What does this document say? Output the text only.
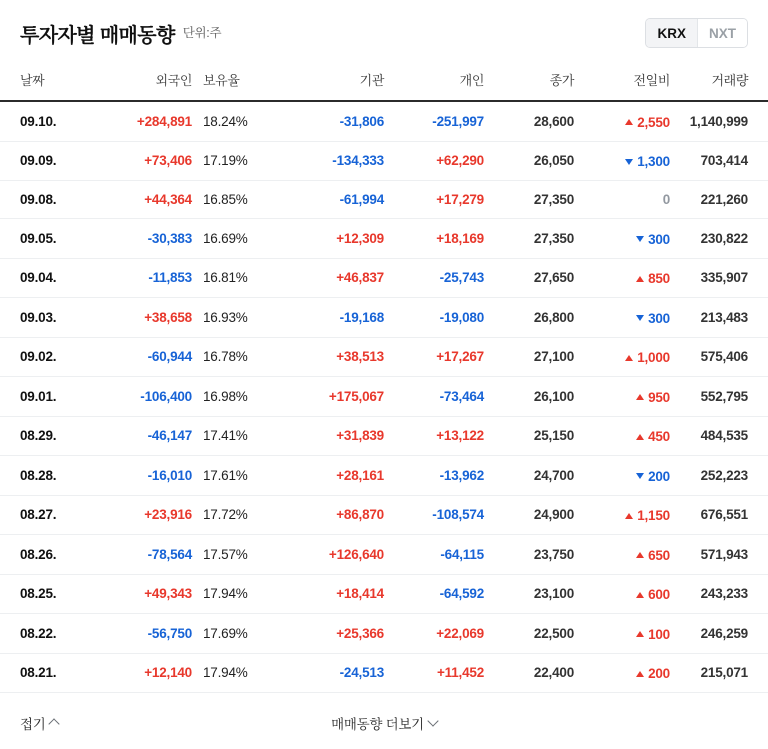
투자자별 매매동향 단위:주	KRX	NXT
날짜	외국인	보유율	기관	개인	종가	전일비	거래량
09.10.	+284,891	18.24%	-31,806	-251,997	28,600	2,550	1,140,999
09.09.	+73,406	17.19%	-134,333	+62,290	26,050	1,300	703,414
09.08.	+44,364	16.85%	-61,994	+17,279	27,350	0	221,260
09.05.	-30,383	16.69%	+12,309	+18,169	27,350	300	230,822
09.04.	-11,853	16.81%	+46,837	-25,743	27,650	850	335,907
09.03.	+38,658	16.93%	-19,168	-19,080	26,800	300	213,483
09.02.	-60,944	16.78%	+38,513	+17,267	27,100	1,000	575,406
09.01.	-106,400	16.98%	+175,067	-73,464	26,100	950	552,795
08.29.	-46,147	17.41%	+31,839	+13,122	25,150	450	484,535
08.28.	-16,010	17.61%	+28,161	-13,962	24,700	200	252,223
08.27.	+23,916	17.72%	+86,870	-108,574	24,900	1,150	676,551
08.26.	-78,564	17.57%	+126,640	-64,115	23,750	650	571,943
08.25.	+49,343	17.94%	+18,414	-64,592	23,100	600	243,233
08.22.	-56,750	17.69%	+25,366	+22,069	22,500	100	246,259
08.21.	+12,140	17.94%	-24,513	+11,452	22,400	200	215,071
접기	매매동향 더보기
